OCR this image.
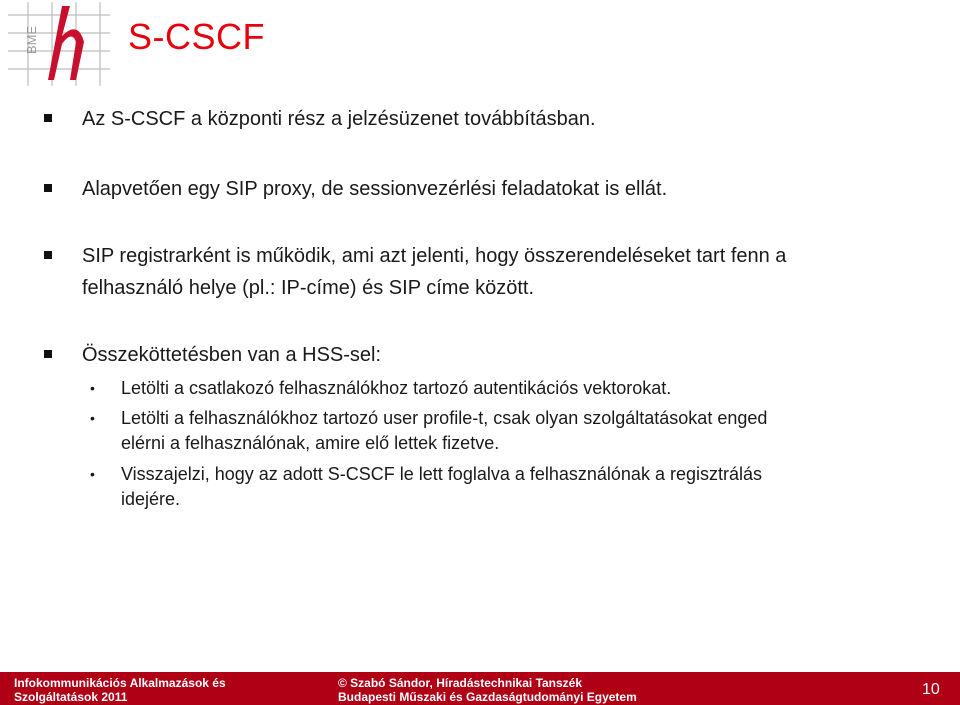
BME S-CSCF
Az S-CSCF a központi rész a jelzésüzenet továbbításban.
Alapvetően egy SIP proxy, de sessionvezérlési feladatokat is ellát.
SIP registrarként is működik, ami azt jelenti, hogy összerendeléseket tart fenn a
felhasználó helye (pl.: IP-címe) és SIP címe között.
Összeköttetésben van a HSS-sel:
• Letölti a csatlakozó felhasználókhoz tartozó autentikációs vektorokat.
• Letölti a felhasználókhoz tartozó user profile-t, csak olyan szolgáltatásokat enged
elérni a felhasználónak, amire elő lettek fizetve.
• Visszajelzi, hogy az adott S-CSCF le lett foglalva a felhasználónak a regisztrálás
idejére.
Infokommunikációs Alkalmazások és
Szolgáltatások 2011
© Szabó Sándor, Híradástechnikai Tanszék
Budapesti Műszaki és Gazdaságtudományi Egyetem	10
